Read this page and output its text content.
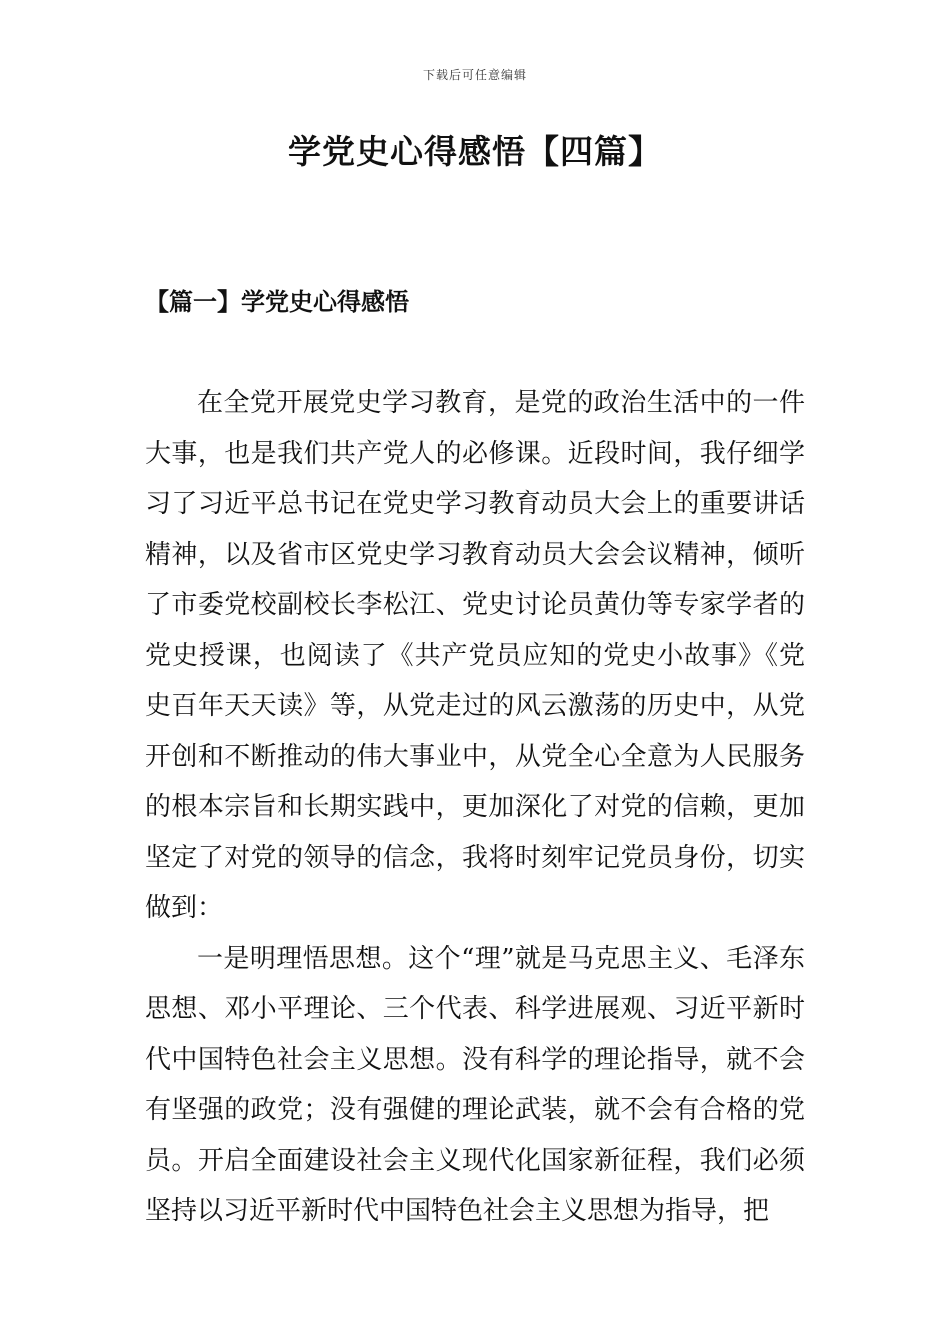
下载后可任意编辑
学党史心得感悟【四篇】
【篇一】学党史心得感悟

在全党开展党史学习教育，是党的政治生活中的一件大事，也是我们共产党人的必修课。近段时间，我仔细学习了习近平总书记在党史学习教育动员大会上的重要讲话精神，以及省市区党史学习教育动员大会会议精神，倾听了市委党校副校长李松江、党史讨论员黄仂等专家学者的党史授课，也阅读了《共产党员应知的党史小故事》《党史百年天天读》等，从党走过的风云激荡的历史中，从党开创和不断推动的伟大事业中，从党全心全意为人民服务的根本宗旨和长期实践中，更加深化了对党的信赖，更加坚定了对党的领导的信念，我将时刻牢记党员身份，切实做到：

一是明理悟思想。这个“理”就是马克思主义、毛泽东思想、邓小平理论、三个代表、科学进展观、习近平新时代中国特色社会主义思想。没有科学的理论指导，就不会有坚强的政党；没有强健的理论武装，就不会有合格的党员。开启全面建设社会主义现代化国家新征程，我们必须坚持以习近平新时代中国特色社会主义思想为指导，把
